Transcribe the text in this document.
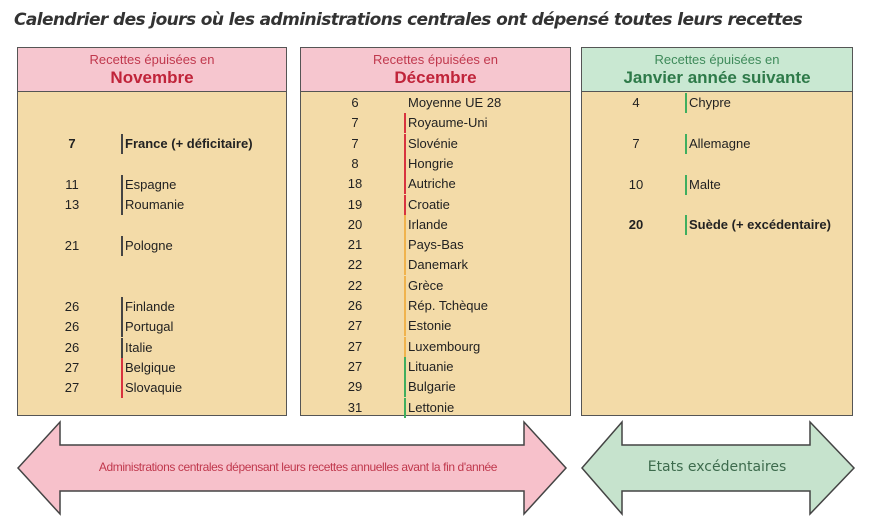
Calendrier des jours où les administrations centrales ont dépensé toutes leurs recettes
Recettes épuisées en
Novembre
7	France (+ déficitaire)
11	Espagne
13	Roumanie
21	Pologne
26	Finlande
26	Portugal
26	Italie
27	Belgique
27	Slovaquie
Recettes épuisées en
Décembre
6	Moyenne UE 28
7	Royaume-Uni
7	Slovénie
8	Hongrie
18	Autriche
19	Croatie
20	Irlande
21	Pays-Bas
22	Danemark
22	Grèce
26	Rép. Tchèque
27	Estonie
27	Luxembourg
27	Lituanie
29	Bulgarie
31	Lettonie
Recettes épuisées en
Janvier année suivante
4	Chypre
7	Allemagne
10	Malte
20	Suède (+ excédentaire)
Administrations centrales dépensant leurs recettes annuelles avant la fin d'année	Etats excédentaires
